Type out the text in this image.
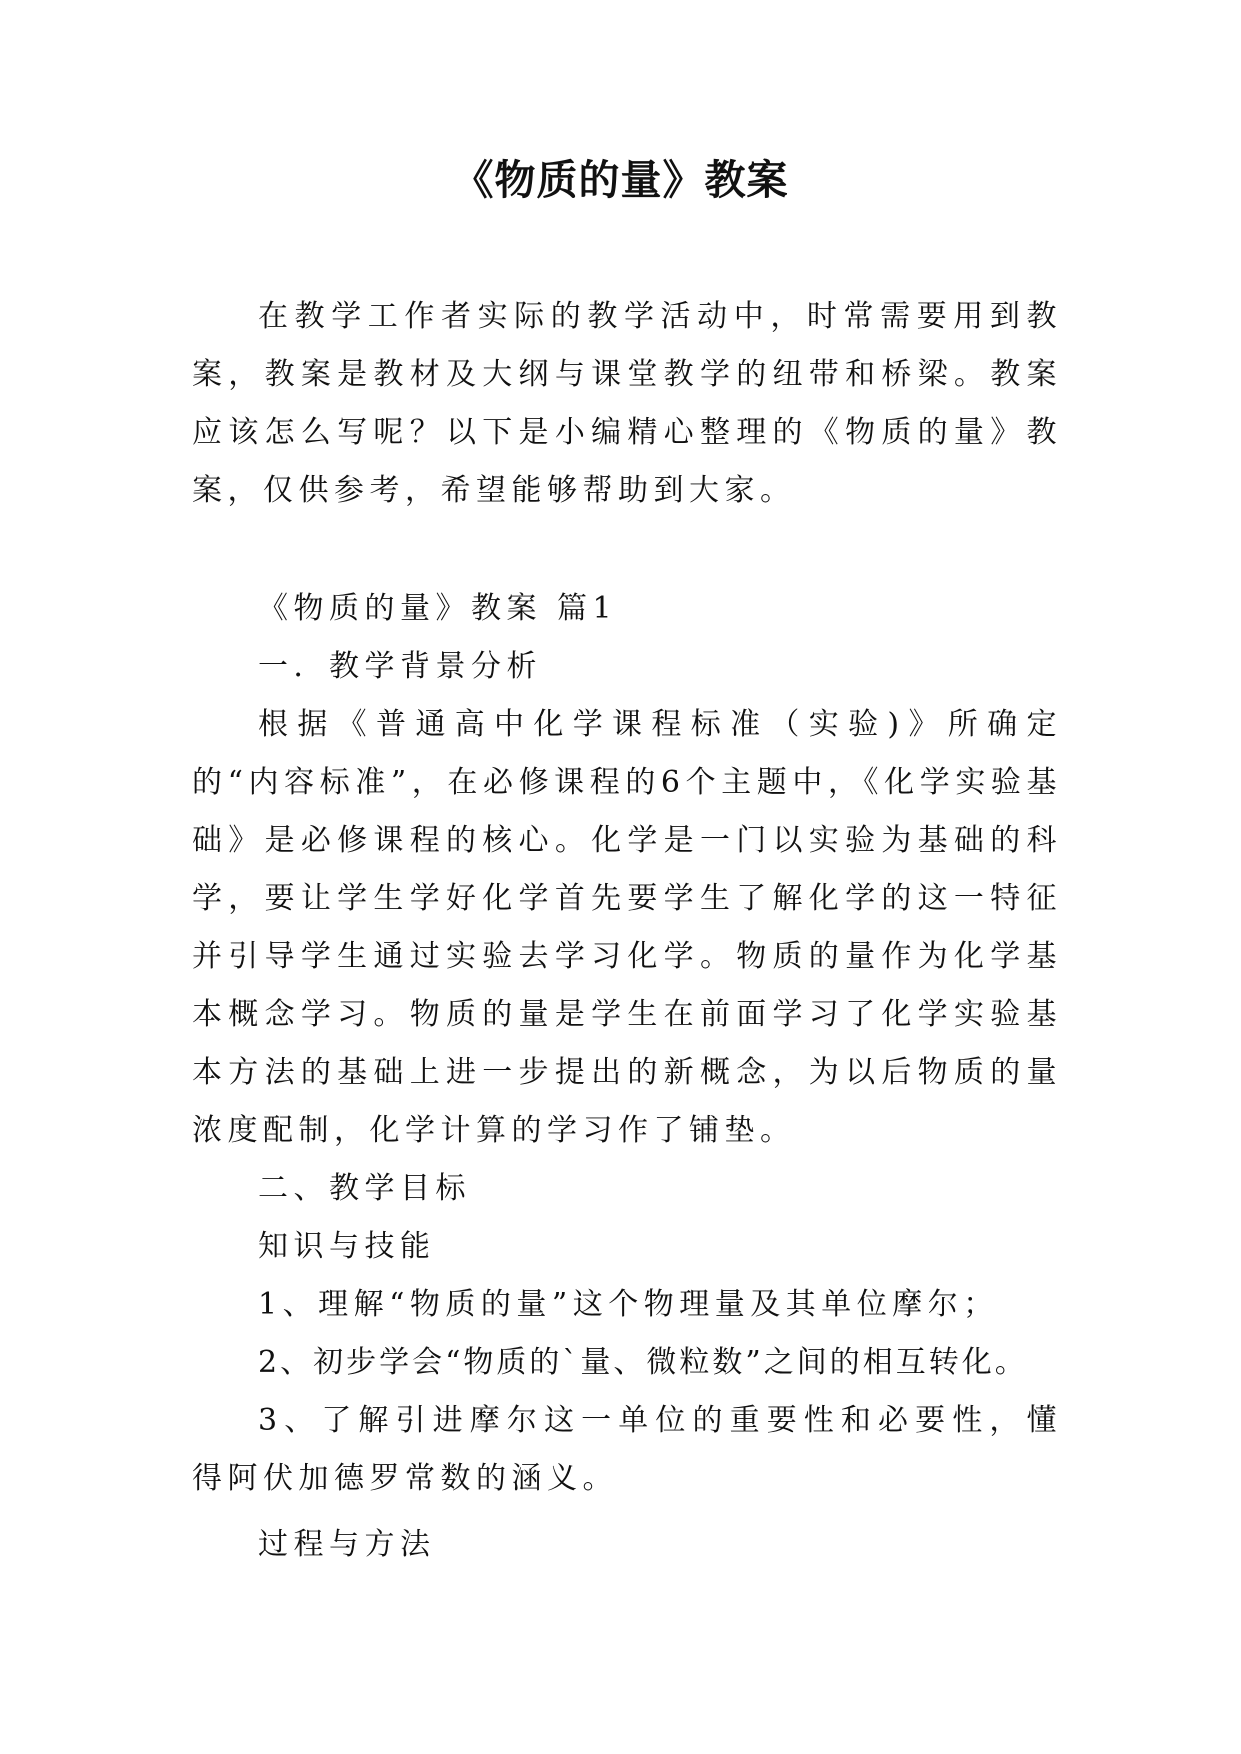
《物质的量》教案

在教学工作者实际的教学活动中，时常需要用到教案，教案是教材及大纲与课堂教学的纽带和桥梁。教案应该怎么写呢？以下是小编精心整理的《物质的量》教案，仅供参考，希望能够帮助到大家。

《物质的量》教案 篇1

一．教学背景分析

根据《普通高中化学课程标准（实验)》所确定的“内容标准”，在必修课程的6个主题中，《化学实验基础》是必修课程的核心。化学是一门以实验为基础的科学，要让学生学好化学首先要学生了解化学的这一特征并引导学生通过实验去学习化学。物质的量作为化学基本概念学习。物质的量是学生在前面学习了化学实验基本方法的基础上进一步提出的新概念，为以后物质的量浓度配制，化学计算的学习作了铺垫。

二、教学目标

知识与技能

1、理解“物质的量”这个物理量及其单位摩尔；

2、初步学会“物质的`量、微粒数”之间的相互转化。

3、了解引进摩尔这一单位的重要性和必要性，懂得阿伏加德罗常数的涵义。

过程与方法
